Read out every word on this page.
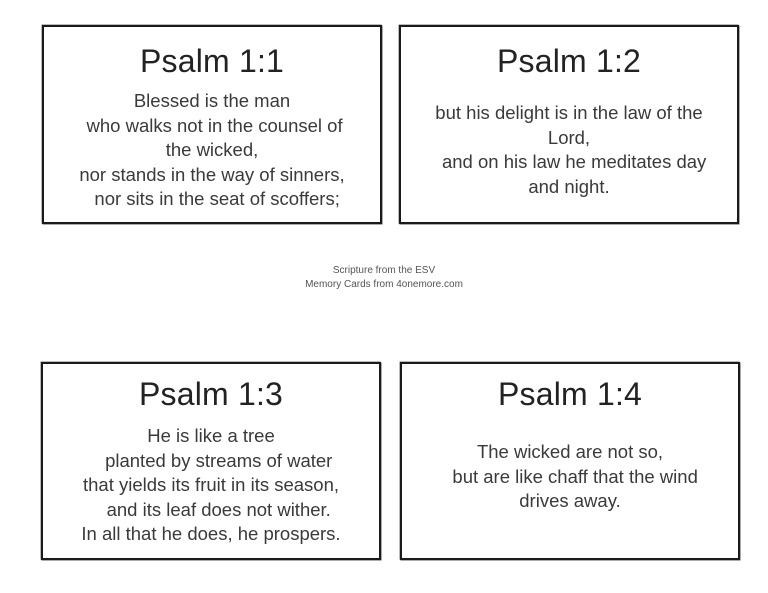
Psalm 1:1
Blessed is the man
who walks not in the counsel of
the wicked,
nor stands in the way of sinners,
nor sits in the seat of scoffers;
Psalm 1:2
but his delight is in the law of the
Lord,
and on his law he meditates day
and night.
Scripture from the ESV
Memory Cards from 4onemore.com
Psalm 1:3
He is like a tree
planted by streams of water
that yields its fruit in its season,
and its leaf does not wither.
In all that he does, he prospers.
Psalm 1:4
The wicked are not so,
but are like chaff that the wind
drives away.
